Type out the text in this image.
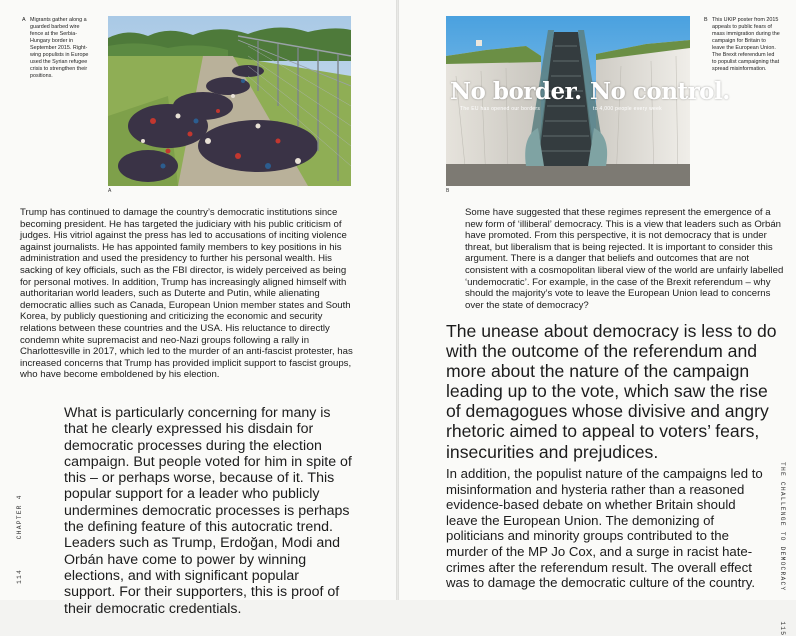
A Migrants gather along a guarded barbed wire fence at the Serbia-Hungary border in September 2015. Right-wing populists in Europe used the Syrian refugee crisis to strengthen their positions.
A
Trump has continued to damage the country’s democratic institutions since becoming president. He has targeted the judiciary with his public criticism of judges. His vitriol against the press has led to accusations of inciting violence against journalists. He has appointed family members to key positions in his administration and used the presidency to further his personal wealth. His sacking of key officials, such as the FBI director, is widely perceived as being for personal motives. In addition, Trump has increasingly aligned himself with authoritarian world leaders, such as Duterte and Putin, while alienating democratic allies such as Canada, European Union member states and South Korea, by publicly questioning and criticizing the economic and security relations between these countries and the USA. His reluctance to directly condemn white supremacist and neo-Nazi groups following a rally in Charlottesville in 2017, which led to the murder of an anti-fascist protester, has increased concerns that Trump has provided implicit support to fascist groups, who have become emboldened by his election.
What is particularly concerning for many is that he clearly expressed his disdain for democratic processes during the election campaign. But people voted for him in spite of this – or perhaps worse, because of it. This popular support for a leader who publicly undermines democratic processes is perhaps the defining feature of this autocratic trend. Leaders such as Trump, Erdoğan, Modi and Orbán have come to power by winning elections, and with significant popular support. For their supporters, this is proof of their democratic credentials.
114      CHAPTER 4
No border. No control.
The EU has opened our borders	to 4,000 people every week
B
B This UKIP poster from 2015 appeals to public fears of mass immigration during the campaign for Britain to leave the European Union. The Brexit referendum led to populist campaigning that spread misinformation.
Some have suggested that these regimes represent the emergence of a new form of ‘illiberal’ democracy. This is a view that leaders such as Orbán have promoted. From this perspective, it is not democracy that is under threat, but liberalism that is being rejected. It is important to consider this argument. There is a danger that beliefs and outcomes that are not consistent with a cosmopolitan liberal view of the world are unfairly labelled ‘undemocratic’. For example, in the case of the Brexit referendum – why should the majority’s vote to leave the European Union lead to concerns over the state of democracy?
The unease about democracy is less to do with the outcome of the referendum and more about the nature of the campaign leading up to the vote, which saw the rise of demagogues whose divisive and angry rhetoric aimed to appeal to voters’ fears, insecurities and prejudices.
In addition, the populist nature of the campaigns led to misinformation and hysteria rather than a reasoned evidence-based debate on whether Britain should leave the European Union. The demonizing of politicians and minority groups contributed to the murder of the MP Jo Cox, and a surge in racist hate-crimes after the referendum result. The overall effect was to damage the democratic culture of the country.	THE CHALLENGE TO DEMOCRACY      115
